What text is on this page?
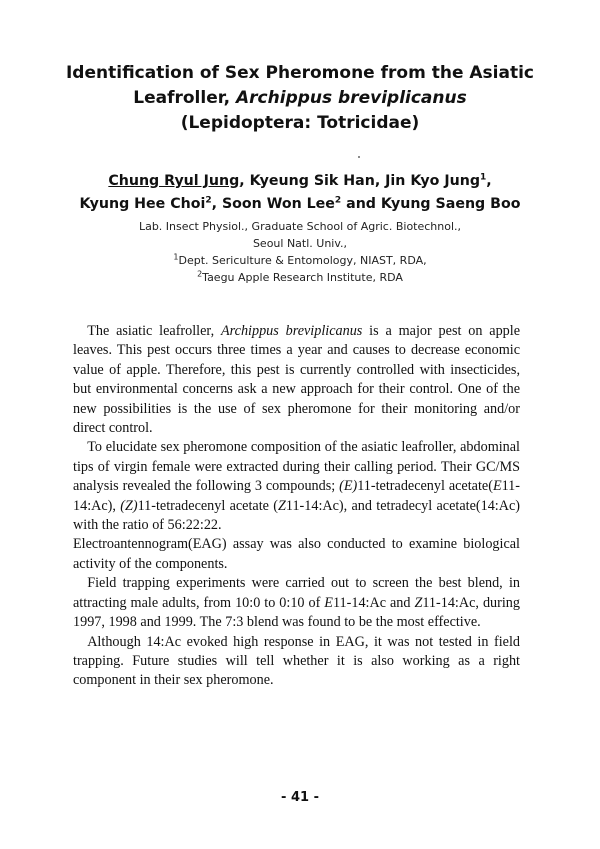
Identification of Sex Pheromone from the Asiatic
Leafroller, Archippus breviplicanus
(Lepidoptera: Totricidae)
Chung Ryul Jung, Kyeung Sik Han, Jin Kyo Jung$^1$,
Kyung Hee Choi$^2$, Soon Won Lee$^2$ and Kyung Saeng Boo
Lab. Insect Physiol., Graduate School of Agric. Biotechnol.,
Seoul Natl. Univ.,
$^1$Dept. Sericulture & Entomology, NIAST, RDA,
$^2$Taegu Apple Research Institute, RDA

 The asiatic leafroller, Archippus breviplicanus is a major pest on apple leaves. This pest occurs three times a year and causes to decrease economic value of apple. Therefore, this pest is currently controlled with insecticides, but environmental concerns ask a new approach for their control. One of the new possibilities is the use of sex pheromone for their monitoring and/or direct control.

 To elucidate sex pheromone composition of the asiatic leafroller, abdominal tips of virgin female were extracted during their calling period. Their GC/MS analysis revealed the following 3 compounds; (E)11-tetradecenyl acetate(E11-14:Ac), (Z)11-tetradecenyl acetate (Z11-14:Ac), and tetradecyl acetate(14:Ac) with the ratio of 56:22:22.

Electroantennogram(EAG) assay was also conducted to examine biological activity of the components.

 Field trapping experiments were carried out to screen the best blend, in attracting male adults, from 10:0 to 0:10 of E11-14:Ac and Z11-14:Ac, during 1997, 1998 and 1999. The 7:3 blend was found to be the most effective.

 Although 14:Ac evoked high response in EAG, it was not tested in field trapping. Future studies will tell whether it is also working as a right component in their sex pheromone.

- 41 -
